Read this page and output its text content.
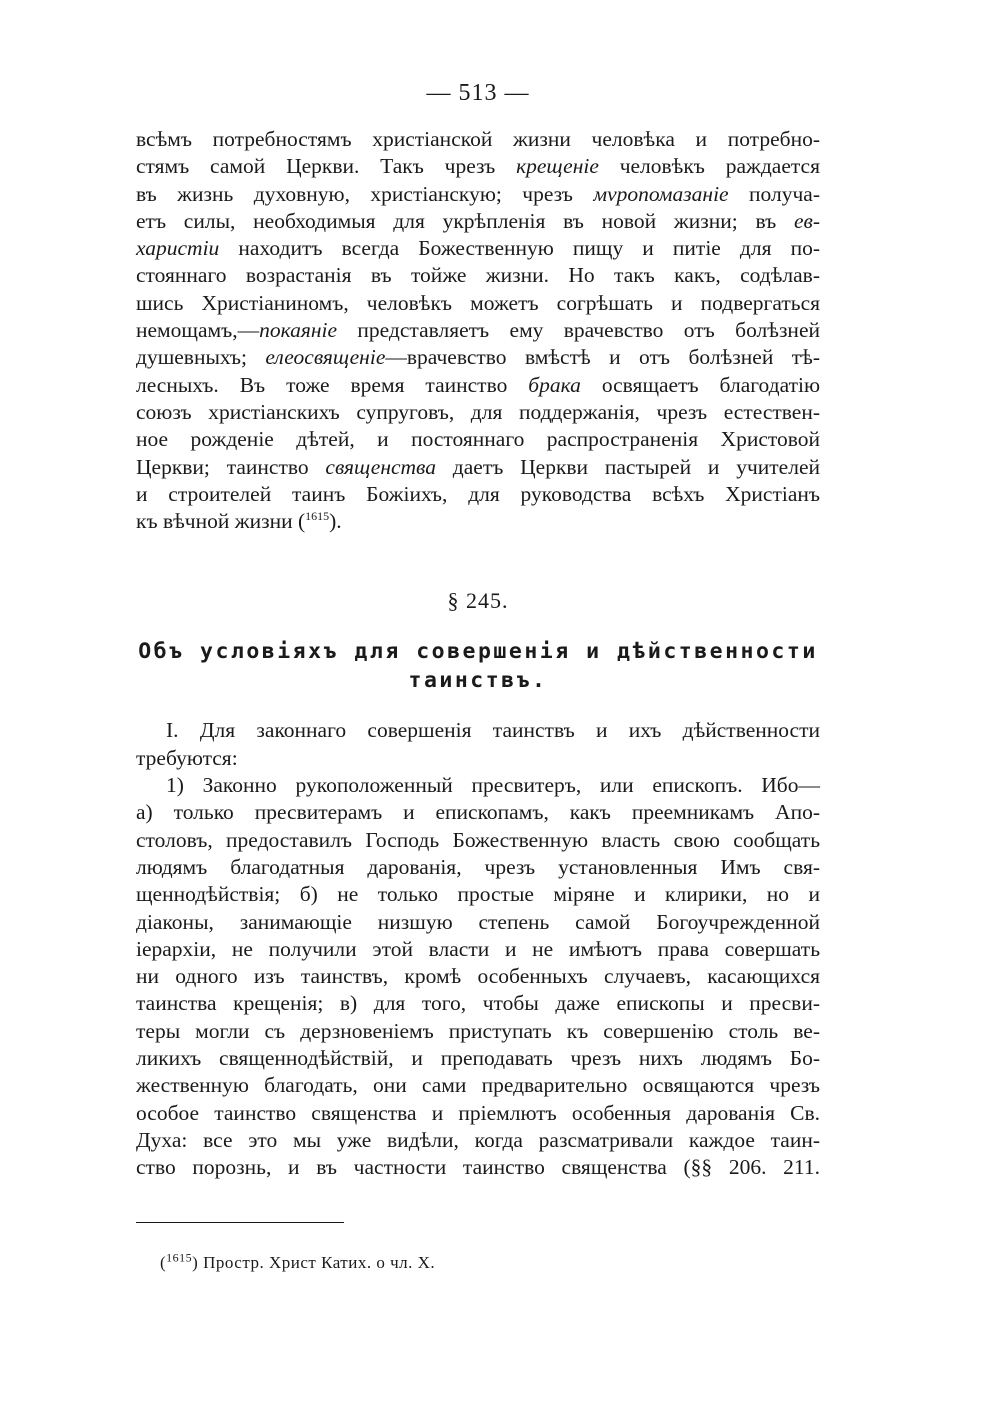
— 513 —
всѣмъ потребностямъ христіанской жизни человѣка и потребно-
стямъ самой Церкви. Такъ чрезъ крещеніе человѣкъ раждается
въ жизнь духовную, христіанскую; чрезъ мvропомазаніе получа-
етъ силы, необходимыя для укрѣпленія въ новой жизни; въ ев-
харистіи находитъ всегда Божественную пищу и питіе для по-
стояннаго возрастанія въ тойже жизни. Но такъ какъ, содѣлав-
шись Христіаниномъ, человѣкъ можетъ согрѣшать и подвергаться
немощамъ,—покаяніе представляетъ ему врачевство отъ болѣзней
душевныхъ; елеосвященіе—врачевство вмѣстѣ и отъ болѣзней тѣ-
лесныхъ. Въ тоже время таинство брака освящаетъ благодатію
союзъ христіанскихъ супруговъ, для поддержанія, чрезъ естествен-
ное рожденіе дѣтей, и постояннаго распространенія Христовой
Церкви; таинство священства даетъ Церкви пастырей и учителей
и строителей таинъ Божіихъ, для руководства всѣхъ Христіанъ
къ вѣчной жизни ($^{1615}$).
§ 245.
Объ условіяхъ для совершенія и дѣйственности
таинствъ.
I. Для законнаго совершенія таинствъ и ихъ дѣйственности
требуются:
1) Законно рукоположенный пресвитеръ, или епископъ. Ибо—
а) только пресвитерамъ и епископамъ, какъ преемникамъ Апо-
столовъ, предоставилъ Господь Божественную власть свою сообщать
людямъ благодатныя дарованія, чрезъ установленныя Имъ свя-
щеннодѣйствія; б) не только простые міряне и клирики, но и
діаконы, занимающіе низшую степень самой Богоучрежденной
іерархіи, не получили этой власти и не имѣютъ права совершать
ни одного изъ таинствъ, кромѣ особенныхъ случаевъ, касающихся
таинства крещенія; в) для того, чтобы даже епископы и пресви-
теры могли съ дерзновеніемъ приступать къ совершенію столь ве-
ликихъ священнодѣйствій, и преподавать чрезъ нихъ людямъ Бо-
жественную благодать, они сами предварительно освящаются чрезъ
особое таинство священства и пріемлютъ особенныя дарованія Св.
Духа: все это мы уже видѣли, когда разсматривали каждое таин-
ство порознь, и въ частности таинство священства (§§ 206. 211.
($^{1615}$) Простр. Христ Катих. о чл. X.
